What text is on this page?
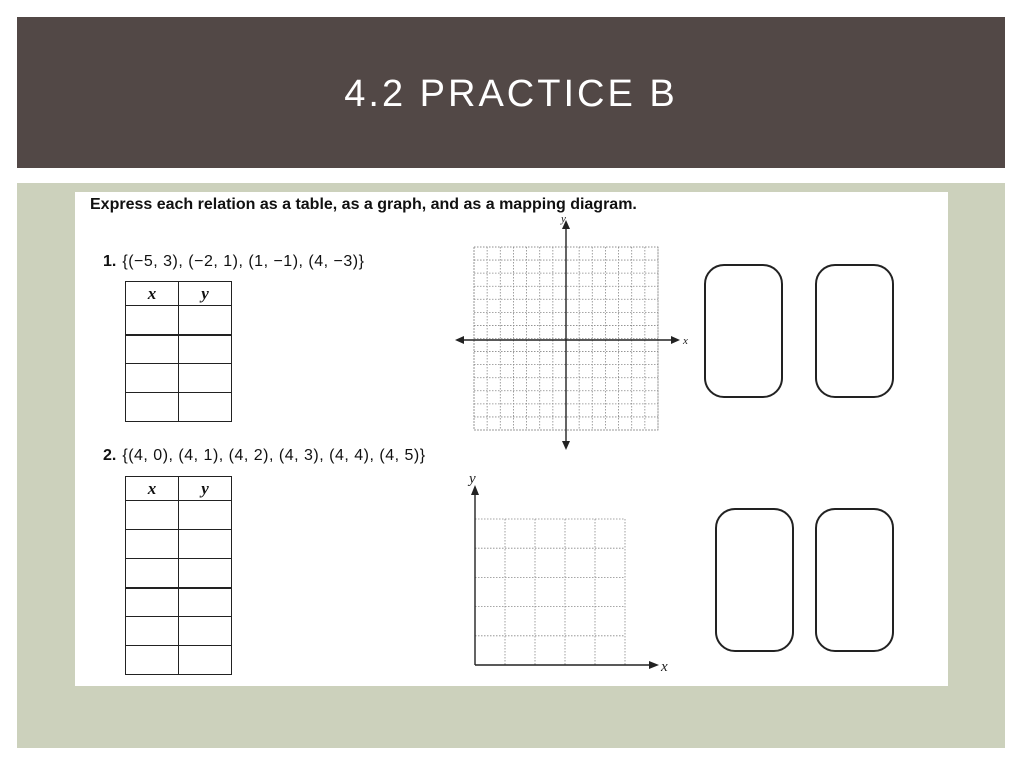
4.2 PRACTICE B
Express each relation as a table, as a graph, and as a mapping diagram.
1. {(−5, 3), (−2, 1), (1, −1), (4, −3)}
x	y

x
y
2. {(4, 0), (4, 1), (4, 2), (4, 3), (4, 4), (4, 5)}
x	y

x
y
